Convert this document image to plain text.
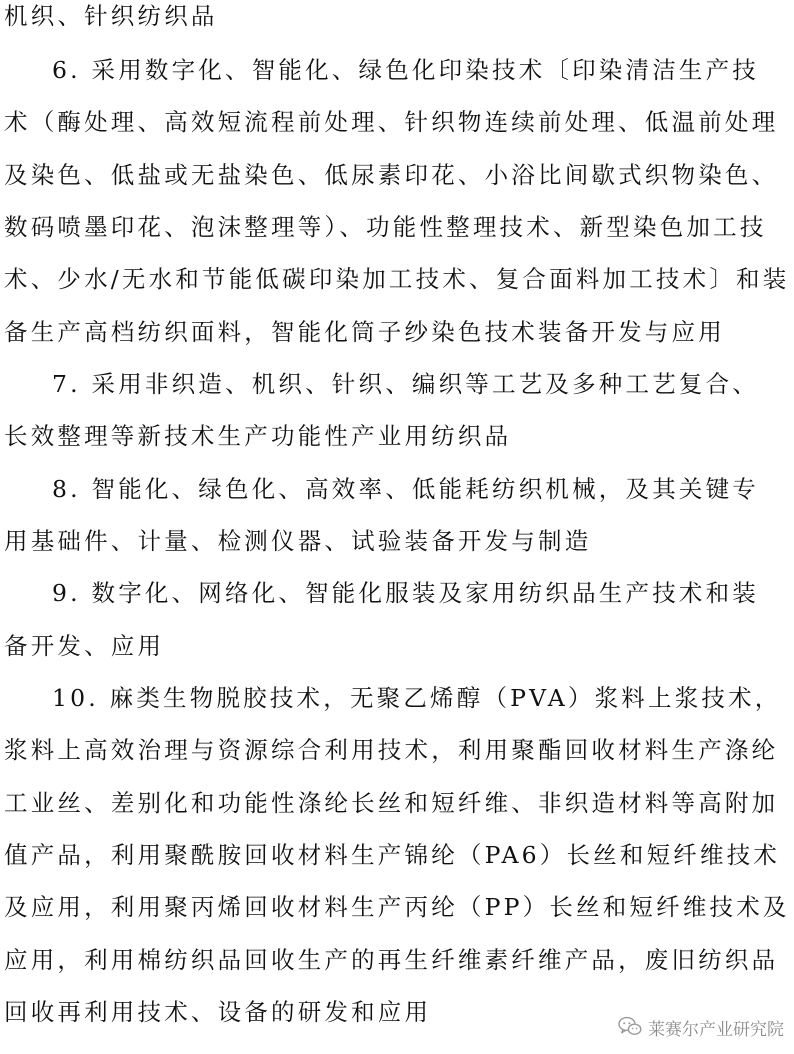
机织、针织纺织品
6. 采用数字化、智能化、绿色化印染技术〔印染清洁生产技
术（酶处理、高效短流程前处理、针织物连续前处理、低温前处理
及染色、低盐或无盐染色、低尿素印花、小浴比间歇式织物染色、
数码喷墨印花、泡沫整理等）、功能性整理技术、新型染色加工技
术、少水/无水和节能低碳印染加工技术、复合面料加工技术〕和装
备生产高档纺织面料，智能化筒子纱染色技术装备开发与应用
7. 采用非织造、机织、针织、编织等工艺及多种工艺复合、
长效整理等新技术生产功能性产业用纺织品
8. 智能化、绿色化、高效率、低能耗纺织机械，及其关键专
用基础件、计量、检测仪器、试验装备开发与制造
9. 数字化、网络化、智能化服装及家用纺织品生产技术和装
备开发、应用
10. 麻类生物脱胶技术，无聚乙烯醇（PVA）浆料上浆技术，
浆料上高效治理与资源综合利用技术，利用聚酯回收材料生产涤纶
工业丝、差别化和功能性涤纶长丝和短纤维、非织造材料等高附加
值产品，利用聚酰胺回收材料生产锦纶（PA6）长丝和短纤维技术
及应用，利用聚丙烯回收材料生产丙纶（PP）长丝和短纤维技术及
应用，利用棉纺织品回收生产的再生纤维素纤维产品，废旧纺织品
回收再利用技术、设备的研发和应用
莱赛尔产业研究院
